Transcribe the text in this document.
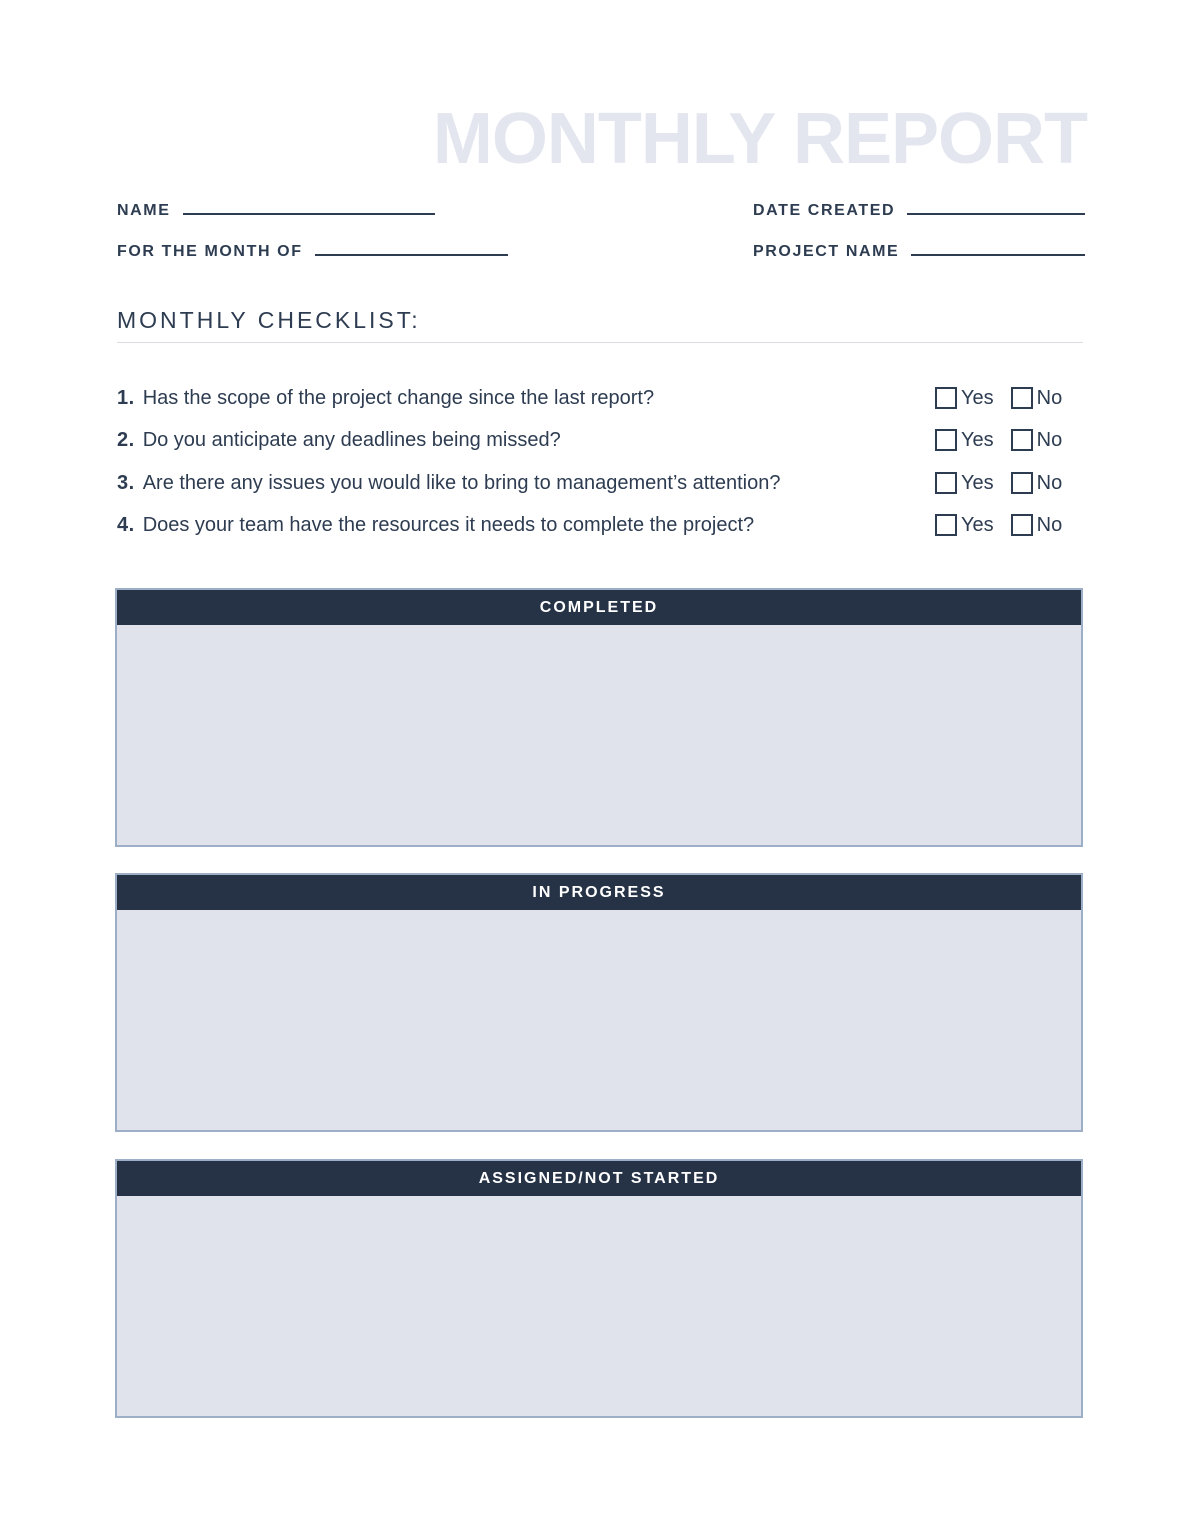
MONTHLY REPORT
NAME	DATE CREATED
FOR THE MONTH OF	PROJECT NAME
MONTHLY CHECKLIST:
1. Has the scope of the project change since the last report?
2. Do you anticipate any deadlines being missed?
3. Are there any issues you would like to bring to management’s attention?
4. Does your team have the resources it needs to complete the project?
Yes No
Yes No
Yes No
Yes No
COMPLETED
IN PROGRESS
ASSIGNED/NOT STARTED
